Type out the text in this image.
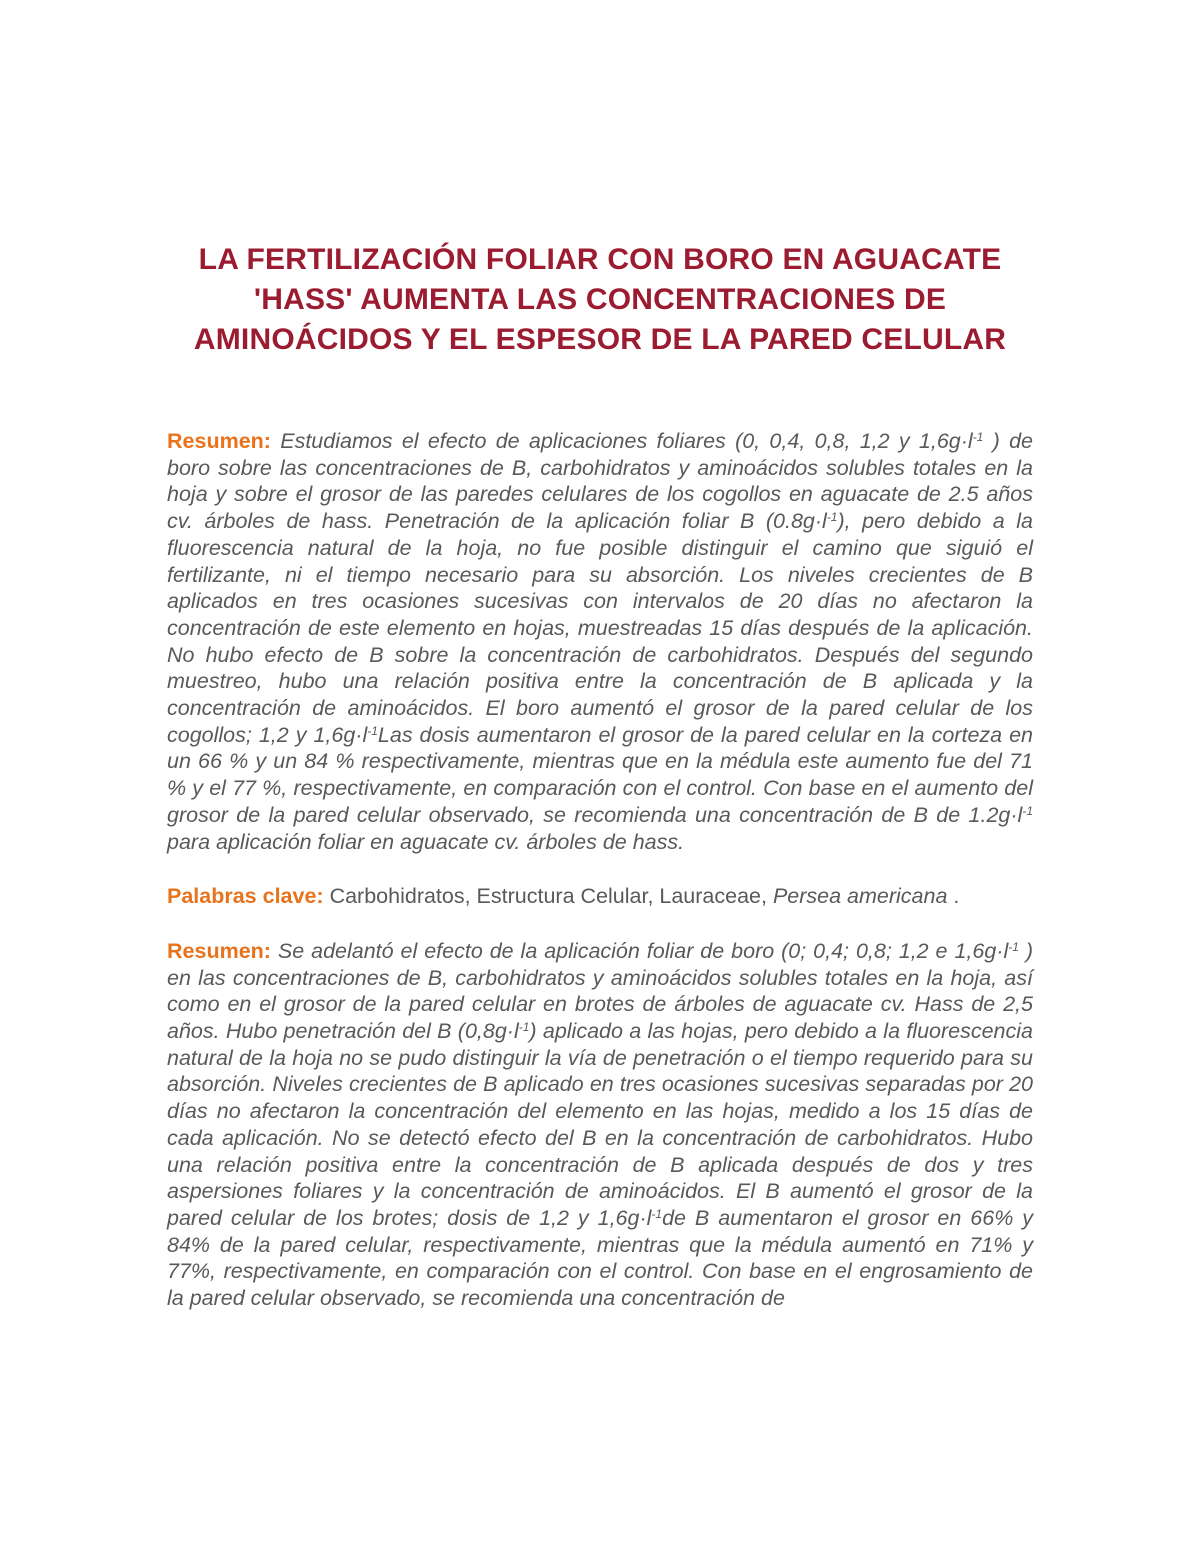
LA FERTILIZACIÓN FOLIAR CON BORO EN AGUACATE
'HASS' AUMENTA LAS CONCENTRACIONES DE
AMINOÁCIDOS Y EL ESPESOR DE LA PARED CELULAR

Resumen: Estudiamos el efecto de aplicaciones foliares (0, 0,4, 0,8, 1,2 y $1,6g\cdot l^{-1}$ ) de boro sobre las concentraciones de B, carbohidratos y aminoácidos solubles totales en la hoja y sobre el grosor de las paredes celulares de los cogollos en aguacate de 2.5 años cv. árboles de hass. Penetración de la aplicación foliar B $(0.8g\cdot l^{-1})$, pero debido a la fluorescencia natural de la hoja, no fue posible distinguir el camino que siguió el fertilizante, ni el tiempo necesario para su absorción. Los niveles crecientes de B aplicados en tres ocasiones sucesivas con intervalos de 20 días no afectaron la concentración de este elemento en hojas, muestreadas 15 días después de la aplicación. No hubo efecto de B sobre la concentración de carbohidratos. Después del segundo muestreo, hubo una relación positiva entre la concentración de B aplicada y la concentración de aminoácidos. El boro aumentó el grosor de la pared celular de los cogollos; 1,2 y $1,6g\cdot l^{-1}Las$ dosis aumentaron el grosor de la pared celular en la corteza en un 66 % y un 84 % respectivamente, mientras que en la médula este aumento fue del 71 % y el 77 %, respectivamente, en comparación con el control. Con base en el aumento del grosor de la pared celular observado, se recomienda una concentración de B de $1.2g\cdot l^{-1}$ para aplicación foliar en aguacate cv. árboles de hass.

Palabras clave: Carbohidratos, Estructura Celular, Lauraceae, Persea americana .

Resumen: Se adelantó el efecto de la aplicación foliar de boro (0; 0,4; 0,8; 1,2 e $1,6g\cdot l^{-1}$ ) en las concentraciones de B, carbohidratos y aminoácidos solubles totales en la hoja, así como en el grosor de la pared celular en brotes de árboles de aguacate cv. Hass de 2,5 años. Hubo penetración del B $(0,8g\cdot l^{-1})$ aplicado a las hojas, pero debido a la fluorescencia natural de la hoja no se pudo distinguir la vía de penetración o el tiempo requerido para su absorción. Niveles crecientes de B aplicado en tres ocasiones sucesivas separadas por 20 días no afectaron la concentración del elemento en las hojas, medido a los 15 días de cada aplicación. No se detectó efecto del B en la concentración de carbohidratos. Hubo una relación positiva entre la concentración de B aplicada después de dos y tres aspersiones foliares y la concentración de aminoácidos. El B aumentó el grosor de la pared celular de los brotes; dosis de 1,2 y $1,6g\cdot l^{-1}de$ B aumentaron el grosor en 66% y 84% de la pared celular, respectivamente, mientras que la médula aumentó en 71% y 77%, respectivamente, en comparación con el control. Con base en el engrosamiento de la pared celular observado, se recomienda una concentración de
